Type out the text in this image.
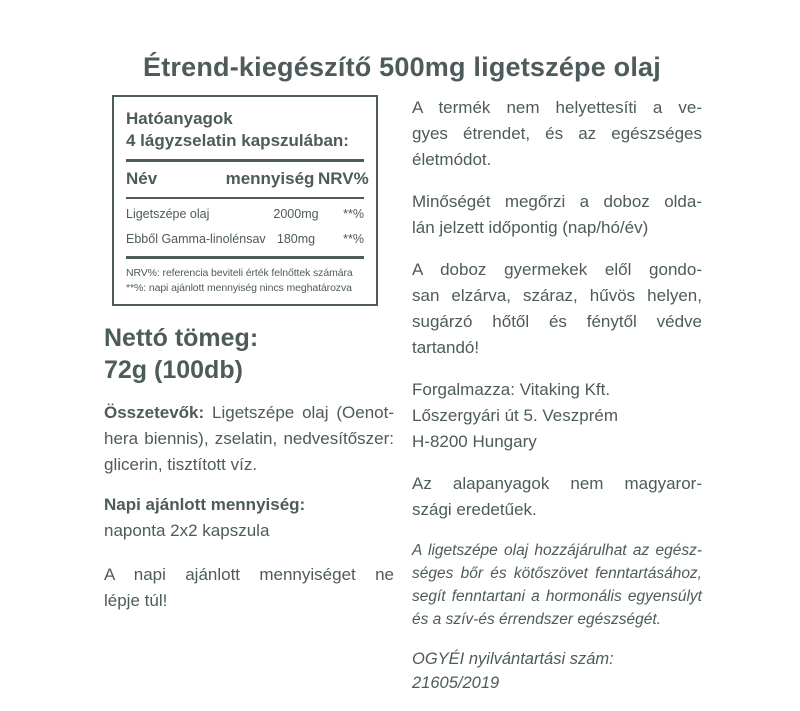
Étrend-kiegészítő 500mg ligetszépe olaj
Hatóanyagok
4 lágyzselatin kapszulában:
Név	mennyiség NRV%
Ligetszépe olaj	2000mg	**%
Ebből Gamma-linolénsav 180mg	**%
NRV%: referencia beviteli érték felnőttek számára
**%: napi ajánlott mennyiség nincs meghatározva
Nettó tömeg:
72g (100db)
Összetevők: Ligetszépe olaj (Oenot-
hera biennis), zselatin, nedvesítőszer:
glicerin, tisztított víz.
Napi ajánlott mennyiség:
naponta 2x2 kapszula
A napi ajánlott mennyiséget ne
lépje túl!
A termék nem helyettesíti a ve-
gyes étrendet, és az egészséges
életmódot.
Minőségét megőrzi a doboz olda-
lán jelzett időpontig (nap/hó/év)
A doboz gyermekek elől gondo-
san elzárva, száraz, hűvös helyen,
sugárzó hőtől és fénytől védve
tartandó!
Forgalmazza: Vitaking Kft.
Lőszergyári út 5. Veszprém
H-8200 Hungary
Az alapanyagok nem magyaror-
szági eredetűek.
A ligetszépe olaj hozzájárulhat az egész-
séges bőr és kötőszövet fenntartásához,
segít fenntartani a hormonális egyensúlyt
és a szív-és érrendszer egészségét.
OGYÉI nyilvántartási szám: 21605/2019
